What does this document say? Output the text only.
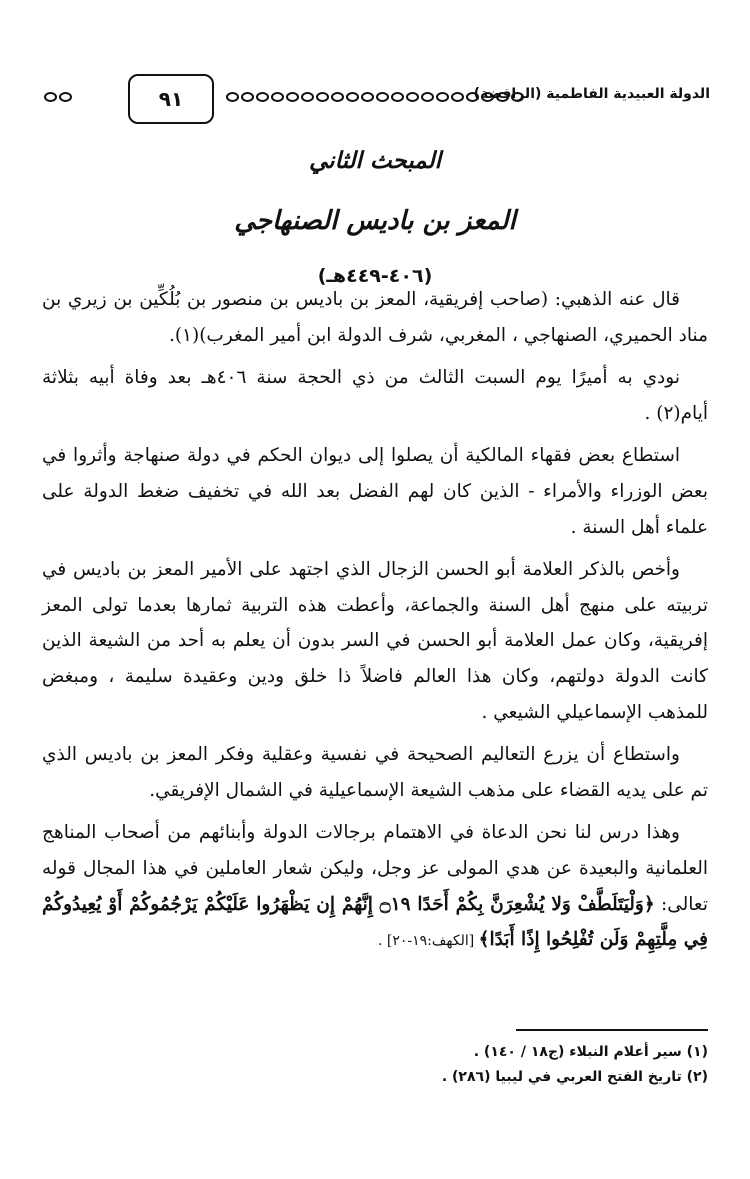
٩١	الدولة العبيدية الفاطمية (الرافضة)
المبحث الثاني
المعز بن باديس الصنهاجي
(٤٠٦-٤٤٩هـ)

قال عنه الذهبي: (صاحب إفريقية، المعز بن باديس بن منصور بن بُلُكِّين بن زيري بن مناد الحميري، الصنهاجي ، المغربي، شرف الدولة ابن أمير المغرب)(١).

نودي به أميرًا يوم السبت الثالث من ذي الحجة سنة ٤٠٦هـ بعد وفاة أبيه بثلاثة أيام(٢) .

استطاع بعض فقهاء المالكية أن يصلوا إلى ديوان الحكم في دولة صنهاجة وأثروا في بعض الوزراء والأمراء - الذين كان لهم الفضل بعد الله في تخفيف ضغط الدولة على علماء أهل السنة .

وأخص بالذكر العلامة أبو الحسن الزجال الذي اجتهد على الأمير المعز بن باديس في تربيته على منهج أهل السنة والجماعة، وأعطت هذه التربية ثمارها بعدما تولى المعز إفريقية، وكان عمل العلامة أبو الحسن في السر بدون أن يعلم به أحد من الشيعة الذين كانت الدولة دولتهم، وكان هذا العالم فاضلاً ذا خلق ودين وعقيدة سليمة ، ومبغض للمذهب الإسماعيلي الشيعي .

واستطاع أن يزرع التعاليم الصحيحة في نفسية وعقلية وفكر المعز بن باديس الذي تم على يديه القضاء على مذهب الشيعة الإسماعيلية في الشمال الإفريقي.

وهذا درس لنا نحن الدعاة في الاهتمام برجالات الدولة وأبنائهم من أصحاب المناهج العلمانية والبعيدة عن هدي المولى عز وجل، وليكن شعار العاملين في هذا المجال قوله تعالى: ﴿وَلْيَتَلَطَّفْ وَلا يُشْعِرَنَّ بِكُمْ أَحَدًا ۝١٩ إِنَّهُمْ إِن يَظْهَرُوا عَلَيْكُمْ يَرْجُمُوكُمْ أَوْ يُعِيدُوكُمْ فِي مِلَّتِهِمْ وَلَن تُفْلِحُوا إِذًا أَبَدًا﴾ [الكهف:١٩-٢٠] .

(١) سير أعلام النبلاء (ج١٨ / ١٤٠) .
(٢) تاريخ الفتح العربي في ليبيا (٢٨٦) .
